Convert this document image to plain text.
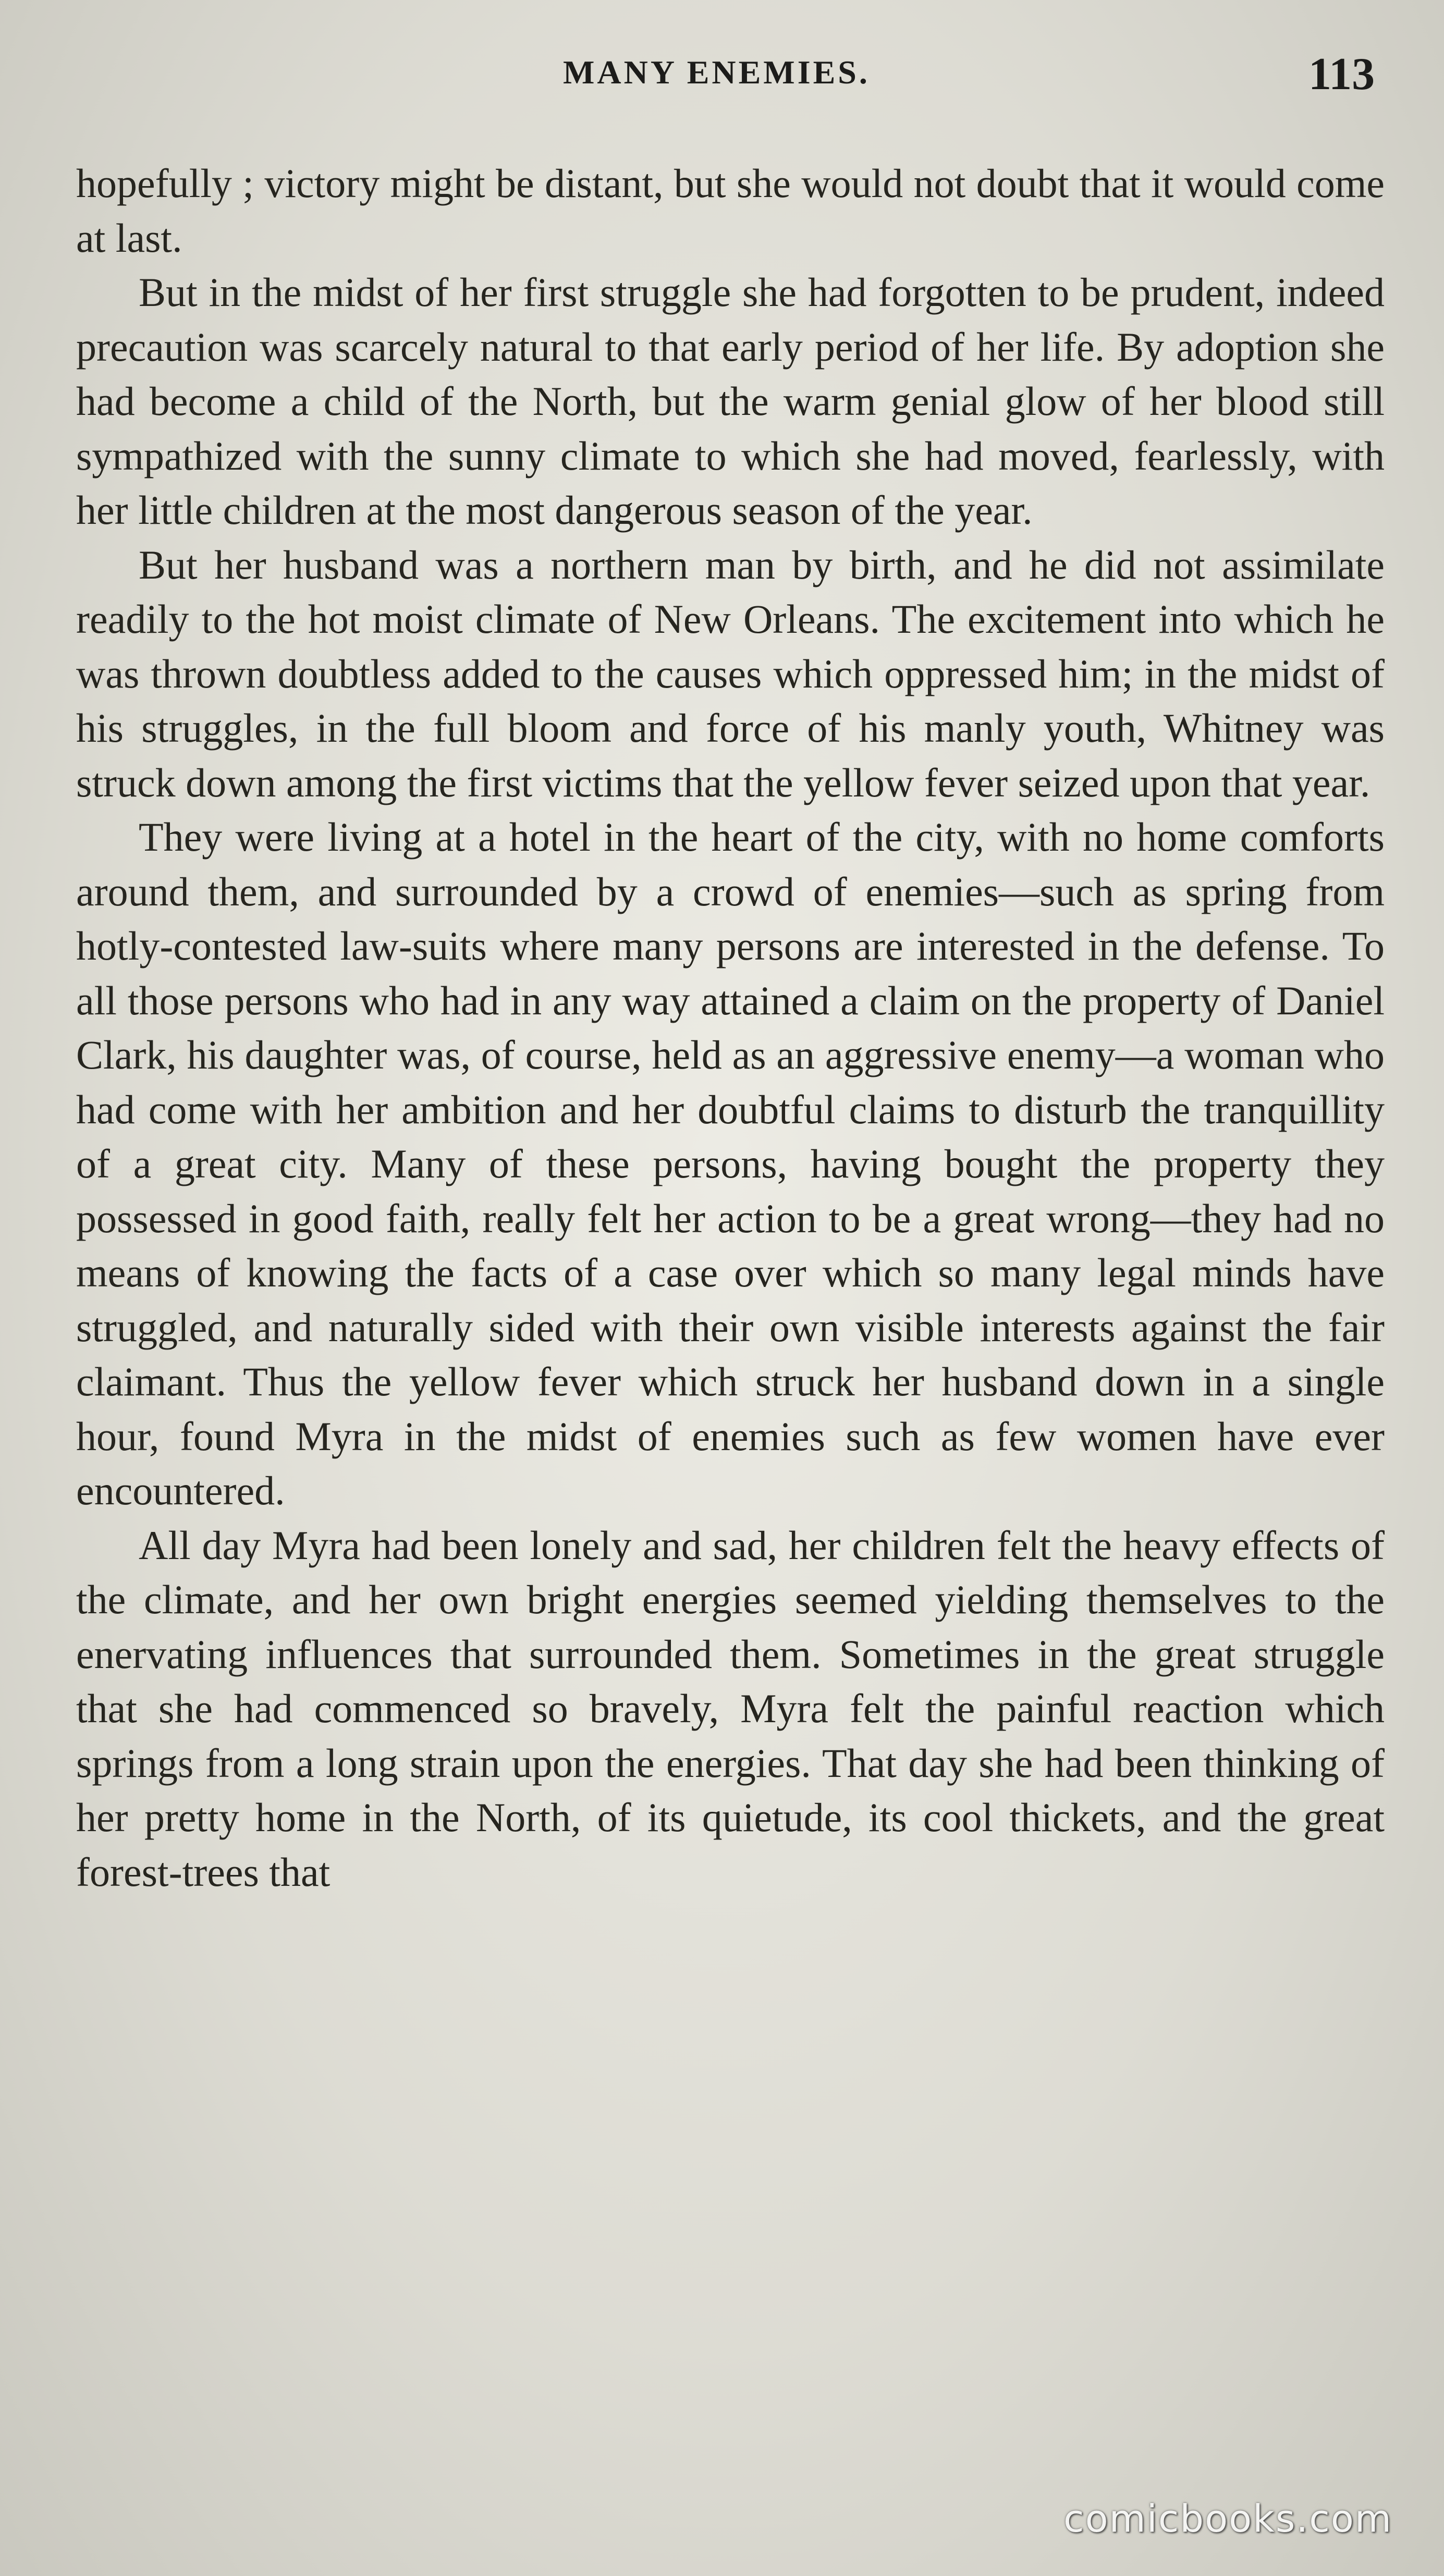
MANY ENEMIES.	113

hopefully ; victory might be distant, but she would not doubt that it would come at last.

But in the midst of her first struggle she had forgotten to be prudent, indeed precaution was scarcely natural to that early period of her life. By adoption she had become a child of the North, but the warm genial glow of her blood still sympathized with the sunny climate to which she had moved, fearlessly, with her little children at the most dangerous season of the year.

But her husband was a northern man by birth, and he did not assimilate readily to the hot moist climate of New Orleans. The excitement into which he was thrown doubtless added to the causes which oppressed him; in the midst of his struggles, in the full bloom and force of his manly youth, Whitney was struck down among the first victims that the yellow fever seized upon that year.

They were living at a hotel in the heart of the city, with no home comforts around them, and surrounded by a crowd of enemies—such as spring from hotly-contested law-suits where many persons are interested in the defense. To all those persons who had in any way attained a claim on the property of Daniel Clark, his daughter was, of course, held as an aggressive enemy—a woman who had come with her ambition and her doubtful claims to disturb the tranquillity of a great city. Many of these persons, having bought the property they possessed in good faith, really felt her action to be a great wrong—they had no means of knowing the facts of a case over which so many legal minds have struggled, and naturally sided with their own visible interests against the fair claimant. Thus the yellow fever which struck her husband down in a single hour, found Myra in the midst of enemies such as few women have ever encountered.

All day Myra had been lonely and sad, her children felt the heavy effects of the climate, and her own bright energies seemed yielding themselves to the enervating influences that surrounded them. Sometimes in the great struggle that she had commenced so bravely, Myra felt the painful reaction which springs from a long strain upon the energies. That day she had been thinking of her pretty home in the North, of its quietude, its cool thickets, and the great forest-trees that

comicbooks.com
